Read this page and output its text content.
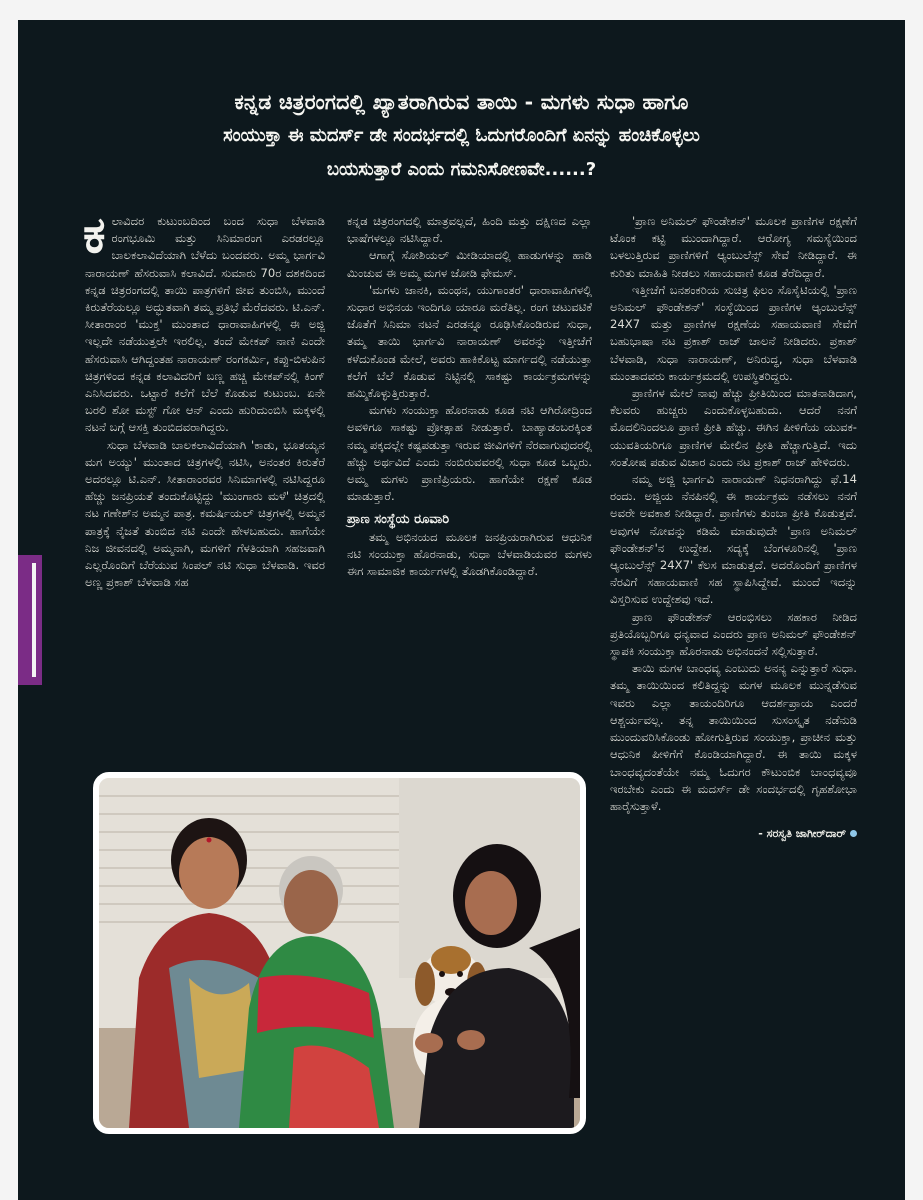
ಕನ್ನಡ ಚಿತ್ರರಂಗದಲ್ಲಿ ಖ್ಯಾತರಾಗಿರುವ ತಾಯಿ - ಮಗಳು ಸುಧಾ ಹಾಗೂ
ಸಂಯುಕ್ತಾ ಈ ಮದರ್ಸ್ ಡೇ ಸಂದರ್ಭದಲ್ಲಿ ಓದುಗರೊಂದಿಗೆ ಏನನ್ನು ಹಂಚಿಕೊಳ್ಳಲು
ಬಯಸುತ್ತಾರೆ ಎಂದು ಗಮನಿಸೋಣವೇ......?

ಕಲಾವಿದರ ಕುಟುಂಬದಿಂದ ಬಂದ ಸುಧಾ ಬೆಳವಾಡಿ ರಂಗಭೂಮಿ ಮತ್ತು ಸಿನಿಮಾರಂಗ ಎರಡರಲ್ಲೂ ಬಾಲಕಲಾವಿದೆಯಾಗಿ ಬೆಳೆದು ಬಂದವರು. ಅಮ್ಮ ಭಾರ್ಗವಿ ನಾರಾಯಣ್ ಹೆಸರುವಾಸಿ ಕಲಾವಿದೆ. ಸುಮಾರು 70ರ ದಶಕದಿಂದ ಕನ್ನಡ ಚಿತ್ರರಂಗದಲ್ಲಿ ತಾಯಿ ಪಾತ್ರಗಳಿಗೆ ಜೀವ ತುಂಬಿಸಿ, ಮುಂದೆ ಕಿರುತೆರೆಯಲ್ಲೂ ಅದ್ಭುತವಾಗಿ ತಮ್ಮ ಪ್ರತಿಭೆ ಮೆರೆದವರು. ಟಿ.ಎನ್. ಸೀತಾರಾಂರ 'ಮುಕ್ತ' ಮುಂತಾದ ಧಾರಾವಾಹಿಗಳಲ್ಲಿ ಈ ಅಜ್ಜಿ ಇಲ್ಲದೇ ನಡೆಯುತ್ತಲೇ ಇರಲಿಲ್ಲ. ತಂದೆ ಮೇಕಪ್ ನಾಣಿ ಎಂದೇ ಹೆಸರುವಾಸಿ ಆಗಿದ್ದಂತಹ ನಾರಾಯಣ್ ರಂಗಕರ್ಮಿ, ಕಪ್ಪು-ಬಿಳುಪಿನ ಚಿತ್ರಗಳಿಂದ ಕನ್ನಡ ಕಲಾವಿದರಿಗೆ ಬಣ್ಣ ಹಚ್ಚಿ ಮೇಕಪ್‌ನಲ್ಲಿ ಕಿಂಗ್ ಎನಿಸಿದವರು. ಒಟ್ಟಾರೆ ಕಲೆಗೆ ಬೆಲೆ ಕೊಡುವ ಕುಟುಂಬ. ಏನೇ ಬರಲಿ ಶೋ ಮಸ್ಟ್ ಗೋ ಆನ್ ಎಂದು ಹುರಿದುಂಬಿಸಿ ಮಕ್ಕಳಲ್ಲಿ ನಟನೆ ಬಗ್ಗೆ ಆಸಕ್ತಿ ತುಂಬಿದವರಾಗಿದ್ದರು.

ಸುಧಾ ಬೆಳವಾಡಿ ಬಾಲಕಲಾವಿದೆಯಾಗಿ 'ಕಾಡು, ಭೂತಯ್ಯನ ಮಗ ಅಯ್ಯು' ಮುಂತಾದ ಚಿತ್ರಗಳಲ್ಲಿ ನಟಿಸಿ, ಅನಂತರ ಕಿರುತೆರೆ ಅದರಲ್ಲೂ ಟಿ.ಎನ್. ಸೀತಾರಾಂರವರ ಸಿನಿಮಾಗಳಲ್ಲಿ ನಟಿಸಿದ್ದರೂ ಹೆಚ್ಚು ಜನಪ್ರಿಯತೆ ತಂದುಕೊಟ್ಟಿದ್ದು 'ಮುಂಗಾರು ಮಳೆ' ಚಿತ್ರದಲ್ಲಿ ನಟ ಗಣೇಶ್‌ನ ಅಮ್ಮನ ಪಾತ್ರ. ಕಮರ್ಷಿಯಲ್ ಚಿತ್ರಗಳಲ್ಲಿ ಅಮ್ಮನ ಪಾತ್ರಕ್ಕೆ ನೈಜತೆ ತುಂಬಿದ ನಟಿ ಎಂದೇ ಹೇಳಬಹುದು. ಹಾಗೆಯೇ ನಿಜ ಜೀವನದಲ್ಲಿ ಅಮ್ಮನಾಗಿ, ಮಗಳಿಗೆ ಗೆಳತಿಯಾಗಿ ಸಹಜವಾಗಿ ಎಲ್ಲರೊಂದಿಗೆ ಬೆರೆಯುವ ಸಿಂಪಲ್ ನಟಿ ಸುಧಾ ಬೆಳವಾಡಿ. ಇವರ ಅಣ್ಣ ಪ್ರಕಾಶ್ ಬೆಳವಾಡಿ ಸಹ

ಕನ್ನಡ ಚಿತ್ರರಂಗದಲ್ಲಿ ಮಾತ್ರವಲ್ಲದೆ, ಹಿಂದಿ ಮತ್ತು ದಕ್ಷಿಣದ ಎಲ್ಲಾ ಭಾಷೆಗಳಲ್ಲೂ ನಟಿಸಿದ್ದಾರೆ.

ಆಗಾಗ್ಗೆ ಸೋಶಿಯಲ್ ಮೀಡಿಯಾದಲ್ಲಿ ಹಾಡುಗಳನ್ನು ಹಾಡಿ ಮಿಂಚುವ ಈ ಅಮ್ಮ ಮಗಳ ಜೋಡಿ ಫೇಮಸ್.

'ಮಗಳು ಜಾನಕಿ, ಮಂಥನ, ಯುಗಾಂತರ' ಧಾರಾವಾಹಿಗಳಲ್ಲಿ ಸುಧಾರ ಅಭಿನಯ ಇಂದಿಗೂ ಯಾರೂ ಮರೆತಿಲ್ಲ. ರಂಗ ಚಟುವಟಿಕೆ ಜೊತೆಗೆ ಸಿನಿಮಾ ನಟನೆ ಎರಡನ್ನೂ ರೂಢಿಸಿಕೊಂಡಿರುವ ಸುಧಾ, ತಮ್ಮ ತಾಯಿ ಭಾರ್ಗವಿ ನಾರಾಯಣ್ ಅವರನ್ನು ಇತ್ತೀಚೆಗೆ ಕಳೆದುಕೊಂಡ ಮೇಲೆ, ಅವರು ಹಾಕಿಕೊಟ್ಟ ಮಾರ್ಗದಲ್ಲಿ ನಡೆಯುತ್ತಾ ಕಲೆಗೆ ಬೆಲೆ ಕೊಡುವ ನಿಟ್ಟಿನಲ್ಲಿ ಸಾಕಷ್ಟು ಕಾರ್ಯಕ್ರಮಗಳನ್ನು ಹಮ್ಮಿಕೊಳ್ಳುತ್ತಿರುತ್ತಾರೆ.

ಮಗಳು ಸಂಯುಕ್ತಾ ಹೊರನಾಡು ಕೂಡ ನಟಿ ಆಗಿರೋದ್ರಿಂದ ಅವಳಿಗೂ ಸಾಕಷ್ಟು ಪ್ರೋತ್ಸಾಹ ನೀಡುತ್ತಾರೆ. ಬಾಹ್ಯಾಡಂಬರಕ್ಕಿಂತ ನಮ್ಮ ಪಕ್ಕದಲ್ಲೇ ಕಷ್ಟಪಡುತ್ತಾ ಇರುವ ಜೀವಿಗಳಿಗೆ ನೆರವಾಗುವುದರಲ್ಲಿ ಹೆಚ್ಚು ಅರ್ಥವಿದೆ ಎಂದು ನಂಬಿರುವವರಲ್ಲಿ ಸುಧಾ ಕೂಡ ಒಬ್ಬರು. ಅಮ್ಮ ಮಗಳು ಪ್ರಾಣಿಪ್ರಿಯರು. ಹಾಗೆಯೇ ರಕ್ಷಣೆ ಕೂಡ ಮಾಡುತ್ತಾರೆ.

ಪ್ರಾಣ ಸಂಸ್ಥೆಯ ರೂವಾರಿ

ತಮ್ಮ ಅಭಿನಯದ ಮೂಲಕ ಜನಪ್ರಿಯರಾಗಿರುವ ಆಧುನಿಕ ನಟಿ ಸಂಯುಕ್ತಾ ಹೊರನಾಡು, ಸುಧಾ ಬೆಳವಾಡಿಯವರ ಮಗಳು ಈಗ ಸಾಮಾಜಿಕ ಕಾರ್ಯಗಳಲ್ಲಿ ತೊಡಗಿಕೊಂಡಿದ್ದಾರೆ.

'ಪ್ರಾಣ ಅನಿಮಲ್ ಫೌಂಡೇಶನ್' ಮೂಲಕ ಪ್ರಾಣಿಗಳ ರಕ್ಷಣೆಗೆ ಟೊಂಕ ಕಟ್ಟಿ ಮುಂದಾಗಿದ್ದಾರೆ. ಆರೋಗ್ಯ ಸಮಸ್ಯೆಯಿಂದ ಬಳಲುತ್ತಿರುವ ಪ್ರಾಣಿಗಳಿಗೆ ಆ್ಯಂಬುಲೆನ್ಸ್ ಸೇವೆ ನೀಡಿದ್ದಾರೆ. ಈ ಕುರಿತು ಮಾಹಿತಿ ನೀಡಲು ಸಹಾಯವಾಣಿ ಕೂಡ ತೆರೆದಿದ್ದಾರೆ.

ಇತ್ತೀಚೆಗೆ ಬನಶಂಕರಿಯ ಸುಚಿತ್ರ ಫಿಲಂ ಸೊಸೈಟಿಯಲ್ಲಿ 'ಪ್ರಾಣ ಅನಿಮಲ್ ಫೌಂಡೇಶನ್' ಸಂಸ್ಥೆಯಿಂದ ಪ್ರಾಣಿಗಳ ಆ್ಯಂಬುಲೆನ್ಸ್ 24X7 ಮತ್ತು ಪ್ರಾಣಿಗಳ ರಕ್ಷಣೆಯ ಸಹಾಯವಾಣಿ ಸೇವೆಗೆ ಬಹುಭಾಷಾ ನಟ ಪ್ರಕಾಶ್ ರಾಜ್ ಚಾಲನೆ ನೀಡಿದರು. ಪ್ರಕಾಶ್ ಬೆಳವಾಡಿ, ಸುಧಾ ನಾರಾಯಣ್, ಅನಿರುದ್ಧ, ಸುಧಾ ಬೆಳವಾಡಿ ಮುಂತಾದವರು ಕಾರ್ಯಕ್ರಮದಲ್ಲಿ ಉಪಸ್ಥಿತರಿದ್ದರು.

ಪ್ರಾಣಿಗಳ ಮೇಲೆ ನಾವು ಹೆಚ್ಚು ಪ್ರೀತಿಯಿಂದ ಮಾತನಾಡಿದಾಗ, ಕೆಲವರು ಹುಚ್ಚರು ಎಂದುಕೊಳ್ಳಬಹುದು. ಆದರೆ ನನಗೆ ಮೊದಲಿನಿಂದಲೂ ಪ್ರಾಣಿ ಪ್ರೀತಿ ಹೆಚ್ಚು. ಈಗಿನ ಪೀಳಿಗೆಯ ಯುವಕ-ಯುವತಿಯರಿಗೂ ಪ್ರಾಣಿಗಳ ಮೇಲಿನ ಪ್ರೀತಿ ಹೆಚ್ಚಾಗುತ್ತಿದೆ. ಇದು ಸಂತೋಷ ಪಡುವ ವಿಚಾರ ಎಂದು ನಟ ಪ್ರಕಾಶ್ ರಾಜ್ ಹೇಳಿದರು.

ನಮ್ಮ ಅಜ್ಜಿ ಭಾರ್ಗವಿ ನಾರಾಯಣ್ ನಿಧನರಾಗಿದ್ದು ಫೆ.14 ರಂದು. ಅಜ್ಜಿಯ ನೆನಪಿನಲ್ಲಿ ಈ ಕಾರ್ಯಕ್ರಮ ನಡೆಸಲು ನನಗೆ ಅವರೇ ಅವಕಾಶ ನೀಡಿದ್ದಾರೆ. ಪ್ರಾಣಿಗಳು ತುಂಬಾ ಪ್ರೀತಿ ಕೊಡುತ್ತವೆ. ಅವುಗಳ ನೋವನ್ನು ಕಡಿಮೆ ಮಾಡುವುದೇ 'ಪ್ರಾಣ ಅನಿಮಲ್ ಫೌಂಡೇಶನ್'ನ ಉದ್ದೇಶ. ಸದ್ಯಕ್ಕೆ ಬೆಂಗಳೂರಿನಲ್ಲಿ 'ಪ್ರಾಣ ಆ್ಯಂಬುಲೆನ್ಸ್ 24X7' ಕೆಲಸ ಮಾಡುತ್ತದೆ. ಅದರೊಂದಿಗೆ ಪ್ರಾಣಿಗಳ ನೆರವಿಗೆ ಸಹಾಯವಾಣಿ ಸಹ ಸ್ಥಾಪಿಸಿದ್ದೇವೆ. ಮುಂದೆ ಇದನ್ನು ವಿಸ್ತರಿಸುವ ಉದ್ದೇಶವು ಇದೆ.

ಪ್ರಾಣ ಫೌಂಡೇಶನ್ ಆರಂಭಿಸಲು ಸಹಕಾರ ನೀಡಿದ ಪ್ರತಿಯೊಬ್ಬರಿಗೂ ಧನ್ಯವಾದ ಎಂದರು ಪ್ರಾಣ ಅನಿಮಲ್ ಫೌಂಡೇಶನ್ ಸ್ಥಾಪಕಿ ಸಂಯುಕ್ತಾ ಹೊರನಾಡು ಅಭಿನಂದನೆ ಸಲ್ಲಿಸುತ್ತಾರೆ.

ತಾಯಿ ಮಗಳ ಬಾಂಧವ್ಯ ಎಂಬುದು ಅನನ್ಯ ಎನ್ನುತ್ತಾರೆ ಸುಧಾ. ತಮ್ಮ ತಾಯಿಯಿಂದ ಕಲಿತಿದ್ದನ್ನು ಮಗಳ ಮೂಲಕ ಮುನ್ನಡೆಸುವ ಇವರು ಎಲ್ಲಾ ತಾಯಂದಿರಿಗೂ ಆದರ್ಶಪ್ರಾಯ ಎಂದರೆ ಆಶ್ಚರ್ಯವಲ್ಲ. ತನ್ನ ತಾಯಿಯಿಂದ ಸುಸಂಸ್ಕೃತ ನಡೆನುಡಿ ಮುಂದುವರಿಸಿಕೊಂಡು ಹೋಗುತ್ತಿರುವ ಸಂಯುಕ್ತಾ, ಪ್ರಾಚೀನ ಮತ್ತು ಆಧುನಿಕ ಪೀಳಿಗೆಗೆ ಕೊಂಡಿಯಾಗಿದ್ದಾರೆ. ಈ ತಾಯಿ ಮಕ್ಕಳ ಬಾಂಧವ್ಯದಂತೆಯೇ ನಮ್ಮ ಓದುಗರ ಕೌಟುಂಬಿಕ ಬಾಂಧವ್ಯವೂ ಇರಬೇಕು ಎಂದು ಈ ಮದರ್ಸ್ ಡೇ ಸಂದರ್ಭದಲ್ಲಿ ಗೃಹಶೋಭಾ ಹಾರೈಸುತ್ತಾಳೆ.

- ಸರಸ್ವತಿ ಜಾಗೀರ್‌ದಾರ್
